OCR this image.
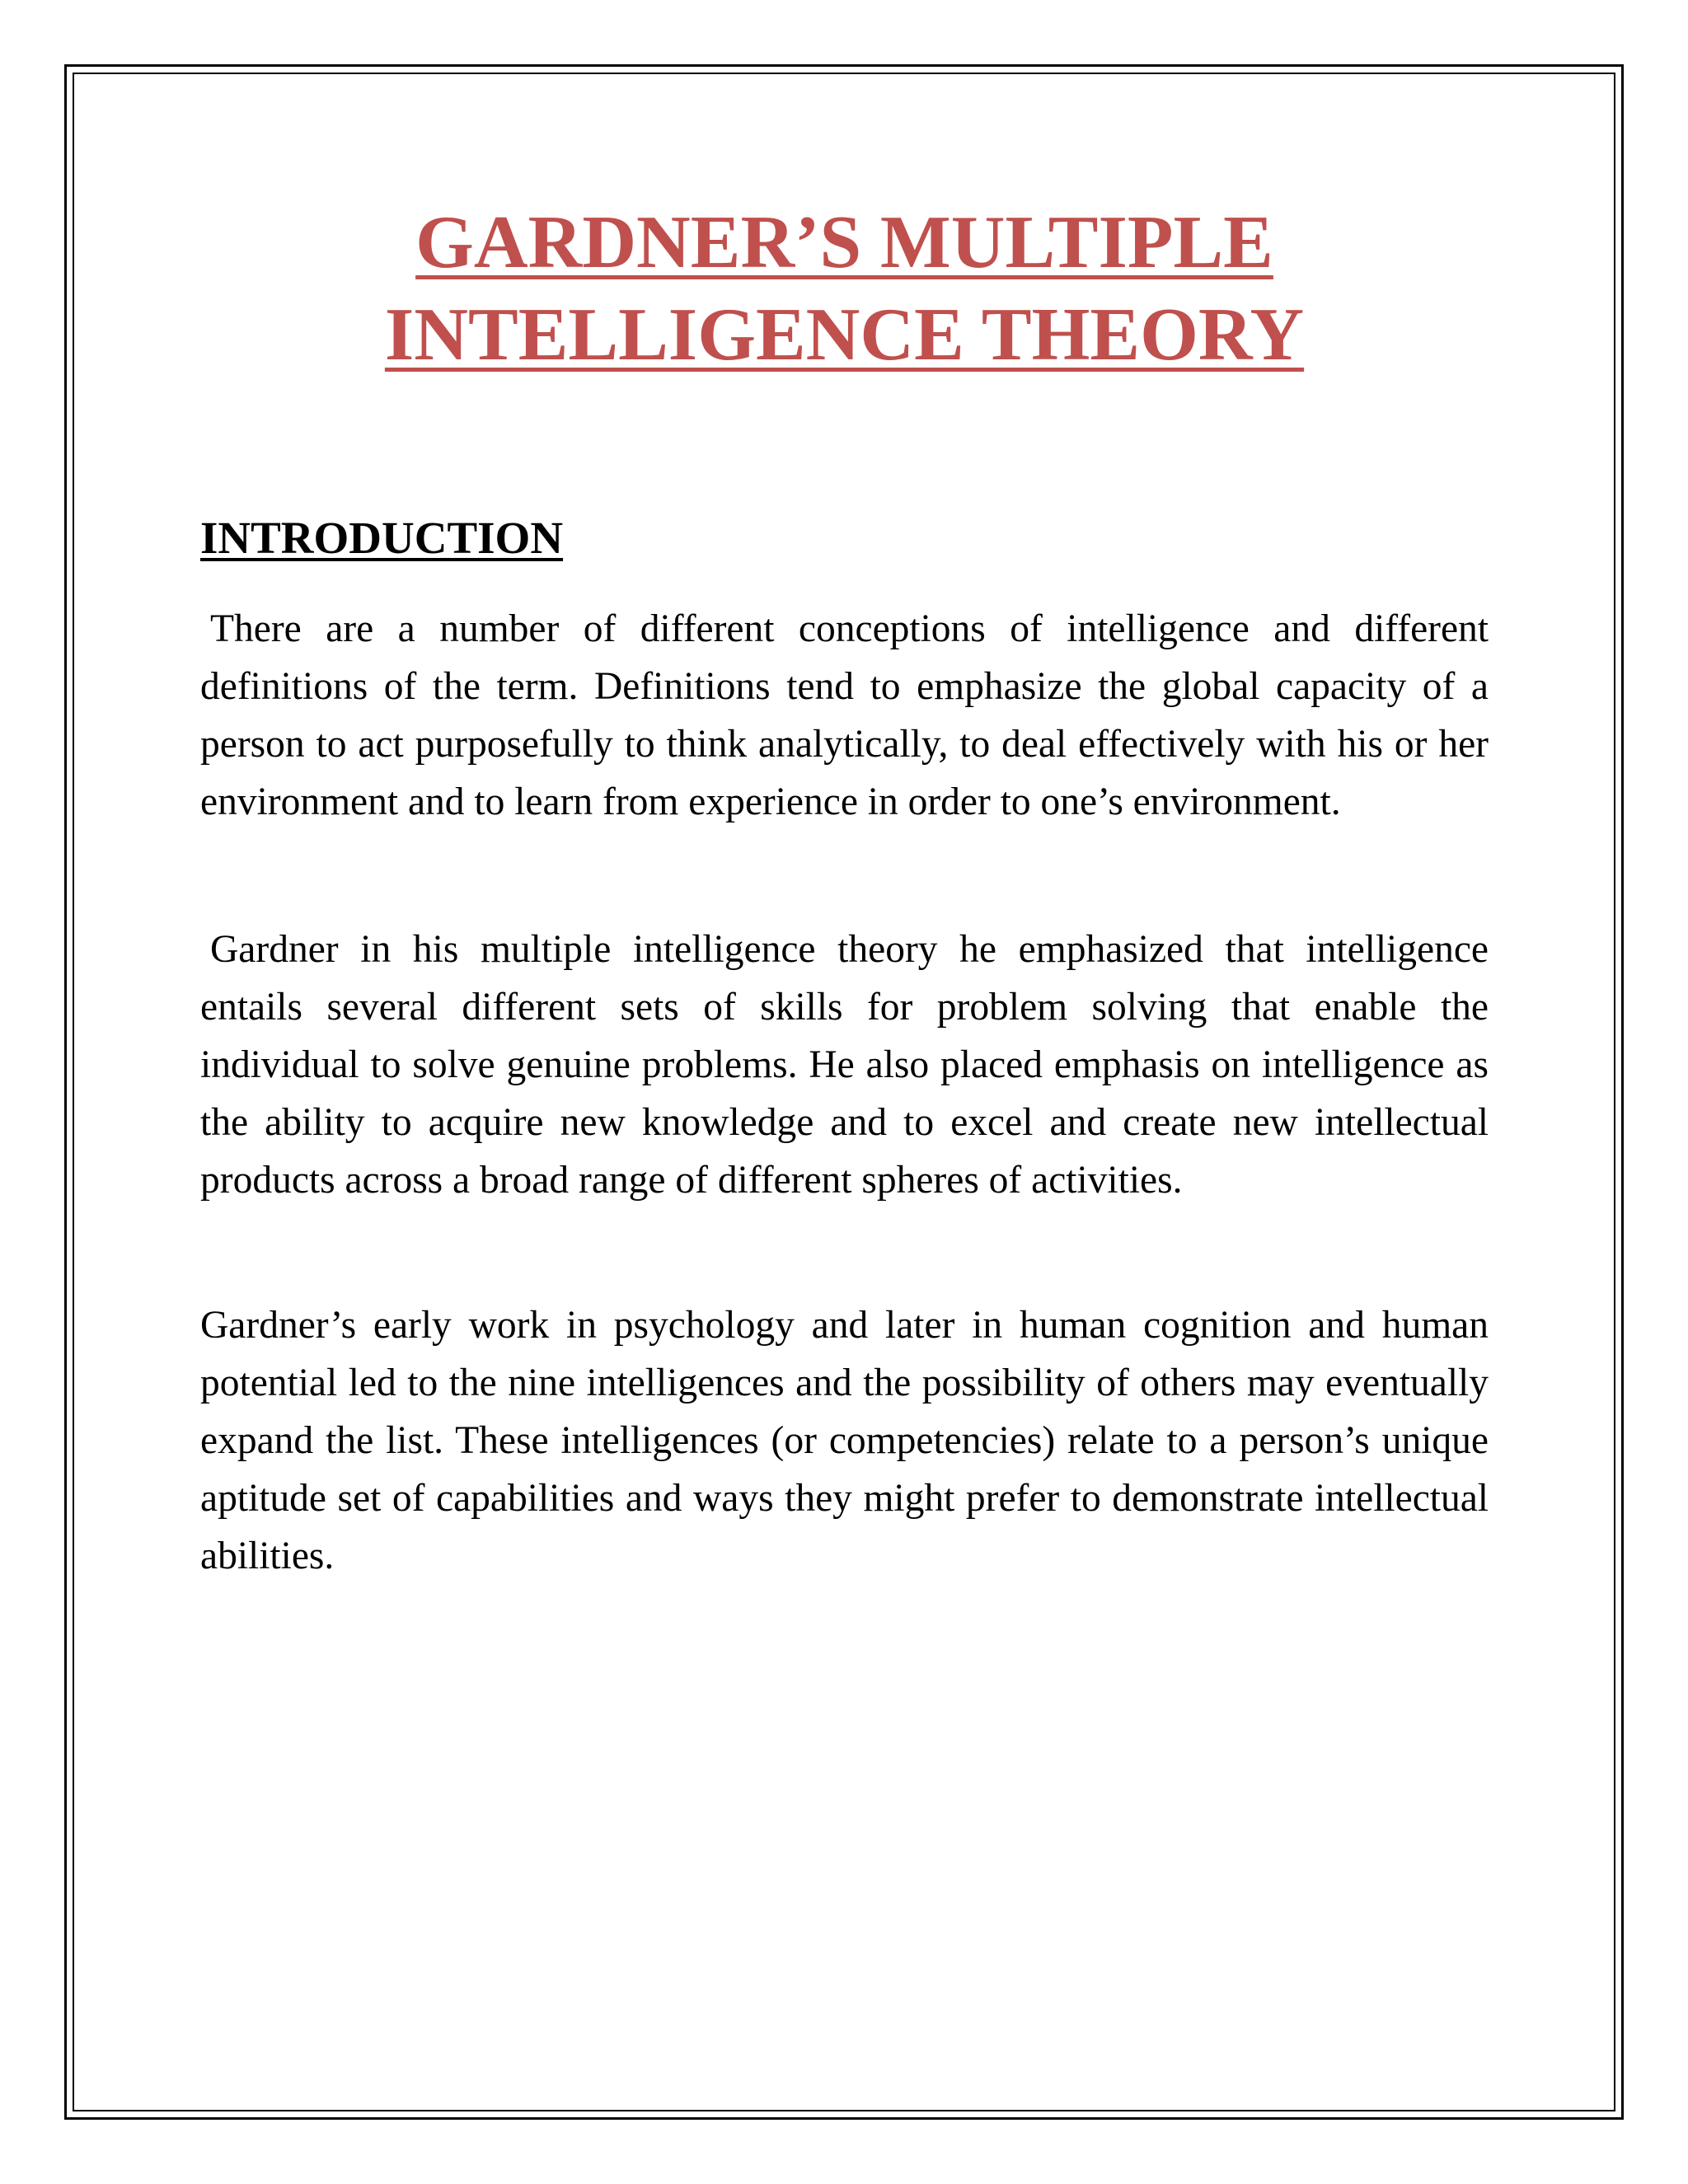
GARDNER’S MULTIPLE
INTELLIGENCE THEORY
INTRODUCTION

There are a number of different conceptions of intelligence and different definitions of the term. Definitions tend to emphasize the global capacity of a person to act purposefully to think analytically, to deal effectively with his or her environment and to learn from experience in order to one’s environment.

Gardner in his multiple intelligence theory he emphasized that intelligence entails several different sets of skills for problem solving that enable the individual to solve genuine problems. He also placed emphasis on intelligence as the ability to acquire new knowledge and to excel and create new intellectual products across a broad range of different spheres of activities.

Gardner’s early work in psychology and later in human cognition and human potential led to the nine intelligences and the possibility of others may eventually expand the list. These intelligences (or competencies) relate to a person’s unique aptitude set of capabilities and ways they might prefer to demonstrate intellectual abilities.
